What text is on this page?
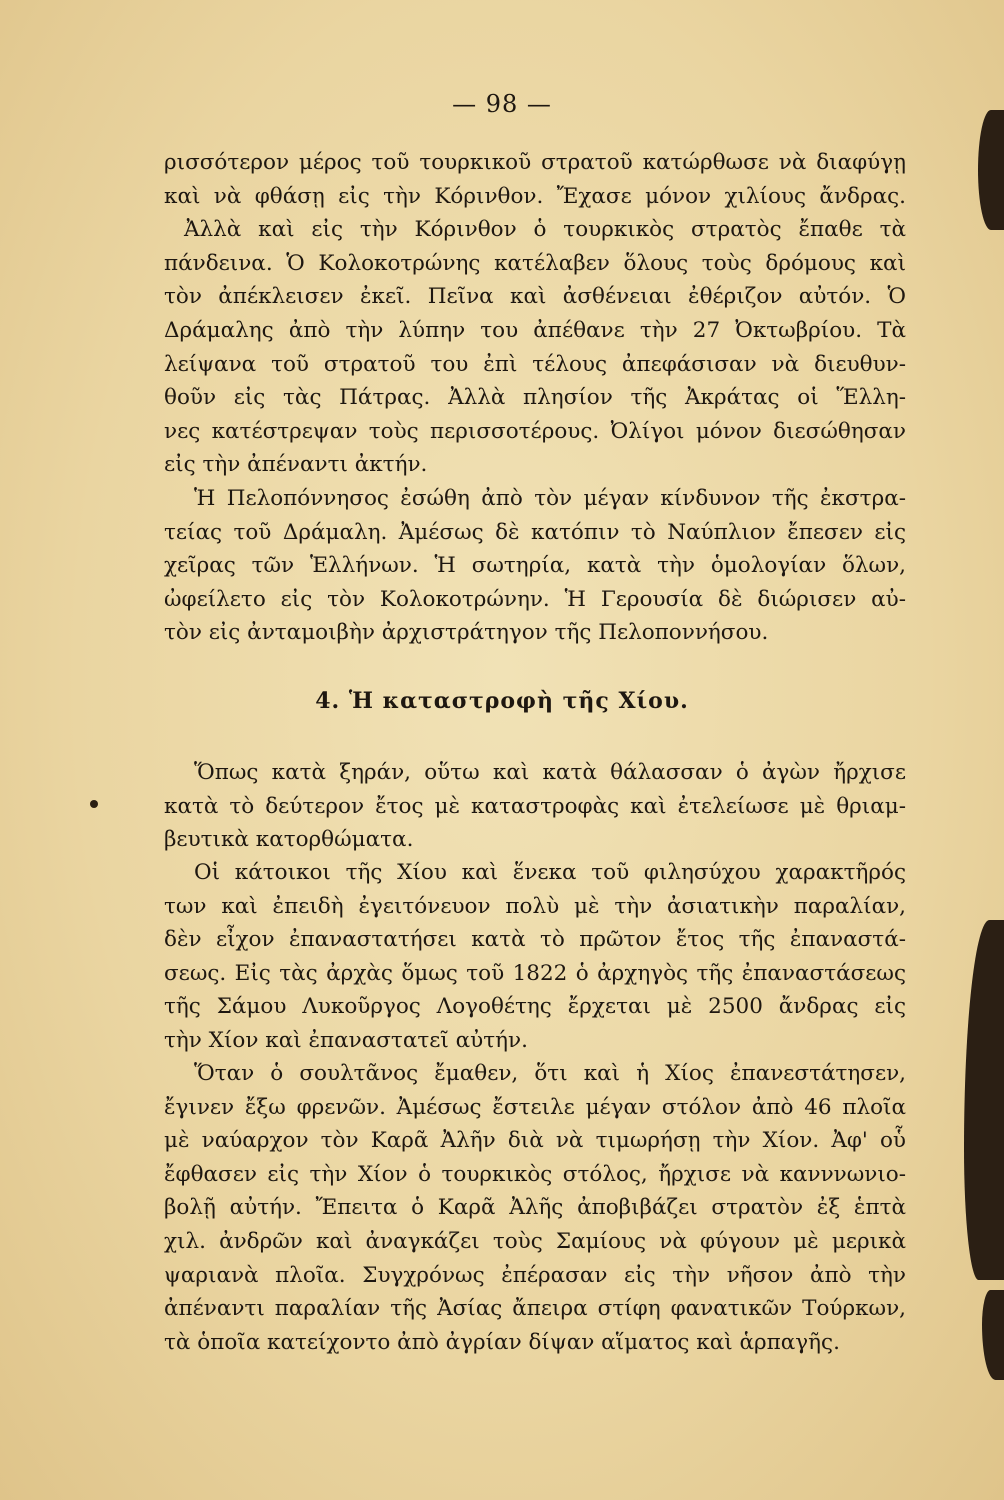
— 98 —
ρισσότερον μέρος τοῦ τουρκικοῦ στρατοῦ κατώρθωσε νὰ διαφύγῃ
καὶ νὰ φθάσῃ εἰς τὴν Κόρινθον. Ἔχασε μόνον χιλίους ἄνδρας.
Ἀλλὰ καὶ εἰς τὴν Κόρινθον ὁ τουρκικὸς στρατὸς ἔπαθε τὰ
πάνδεινα. Ὁ Κολοκοτρώνης κατέλαβεν ὅλους τοὺς δρόμους καὶ
τὸν ἀπέκλεισεν ἐκεῖ. Πεῖνα καὶ ἀσθένειαι ἐθέριζον αὐτόν. Ὁ
Δράμαλης ἀπὸ τὴν λύπην του ἀπέθανε τὴν 27 Ὀκτωβρίου. Τὰ
λείψανα τοῦ στρατοῦ του ἐπὶ τέλους ἀπεφάσισαν νὰ διευθυν-
θοῦν εἰς τὰς Πάτρας. Ἀλλὰ πλησίον τῆς Ἀκράτας οἱ Ἕλλη-
νες κατέστρεψαν τοὺς περισσοτέρους. Ὀλίγοι μόνον διεσώθησαν
εἰς τὴν ἀπέναντι ἀκτήν.
Ἡ Πελοπόννησος ἐσώθη ἀπὸ τὸν μέγαν κίνδυνον τῆς ἐκστρα-
τείας τοῦ Δράμαλη. Ἀμέσως δὲ κατόπιν τὸ Ναύπλιον ἔπεσεν εἰς
χεῖρας τῶν Ἑλλήνων. Ἡ σωτηρία, κατὰ τὴν ὁμολογίαν ὅλων,
ὠφείλετο εἰς τὸν Κολοκοτρώνην. Ἡ Γερουσία δὲ διώρισεν αὐ-
τὸν εἰς ἀνταμοιβὴν ἀρχιστράτηγον τῆς Πελοποννήσου.
4. Ἡ καταστροφὴ τῆς Χίου.
Ὅπως κατὰ ξηράν, οὕτω καὶ κατὰ θάλασσαν ὁ ἀγὼν ἤρχισε
κατὰ τὸ δεύτερον ἔτος μὲ καταστροφὰς καὶ ἐτελείωσε μὲ θριαμ-
βευτικὰ κατορθώματα.
Οἱ κάτοικοι τῆς Χίου καὶ ἕνεκα τοῦ φιλησύχου χαρακτῆρός
των καὶ ἐπειδὴ ἐγειτόνευον πολὺ μὲ τὴν ἀσιατικὴν παραλίαν,
δὲν εἶχον ἐπαναστατήσει κατὰ τὸ πρῶτον ἔτος τῆς ἐπαναστά-
σεως. Εἰς τὰς ἀρχὰς ὅμως τοῦ 1822 ὁ ἀρχηγὸς τῆς ἐπαναστάσεως
τῆς Σάμου Λυκοῦργος Λογοθέτης ἔρχεται μὲ 2500 ἄνδρας εἰς
τὴν Χίον καὶ ἐπαναστατεῖ αὐτήν.
Ὅταν ὁ σουλτᾶνος ἔμαθεν, ὅτι καὶ ἡ Χίος ἐπανεστάτησεν,
ἔγινεν ἔξω φρενῶν. Ἀμέσως ἔστειλε μέγαν στόλον ἀπὸ 46 πλοῖα
μὲ ναύαρχον τὸν Καρᾶ Ἀλῆν διὰ νὰ τιμωρήσῃ τὴν Χίον. Ἀφ' οὗ
ἔφθασεν εἰς τὴν Χίον ὁ τουρκικὸς στόλος, ἤρχισε νὰ κανννωνιο-
βολῇ αὐτήν. Ἔπειτα ὁ Καρᾶ Ἀλῆς ἀποβιβάζει στρατὸν ἐξ ἑπτὰ
χιλ. ἀνδρῶν καὶ ἀναγκάζει τοὺς Σαμίους νὰ φύγουν μὲ μερικὰ
ψαριανὰ πλοῖα. Συγχρόνως ἐπέρασαν εἰς τὴν νῆσον ἀπὸ τὴν
ἀπέναντι παραλίαν τῆς Ἀσίας ἄπειρα στίφη φανατικῶν Τούρκων,
τὰ ὁποῖα κατείχοντο ἀπὸ ἀγρίαν δίψαν αἵματος καὶ ἁρπαγῆς.
